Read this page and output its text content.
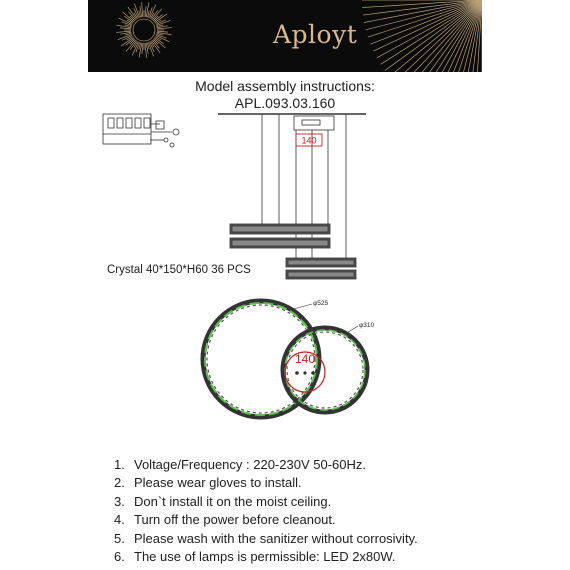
Aployt
Model assembly instructions:
APL.093.03.160
140
140
φ525
φ310
Crystal 40*150*H60 36 PCS
1. Voltage/Frequency : 220-230V 50-60Hz.
2. Please wear gloves to install.
3. Don`t install it on the moist ceiling.
4. Turn off the power before cleanout.
5. Please wash with the sanitizer without corrosivity.
6. The use of lamps is permissible: LED 2x80W.
